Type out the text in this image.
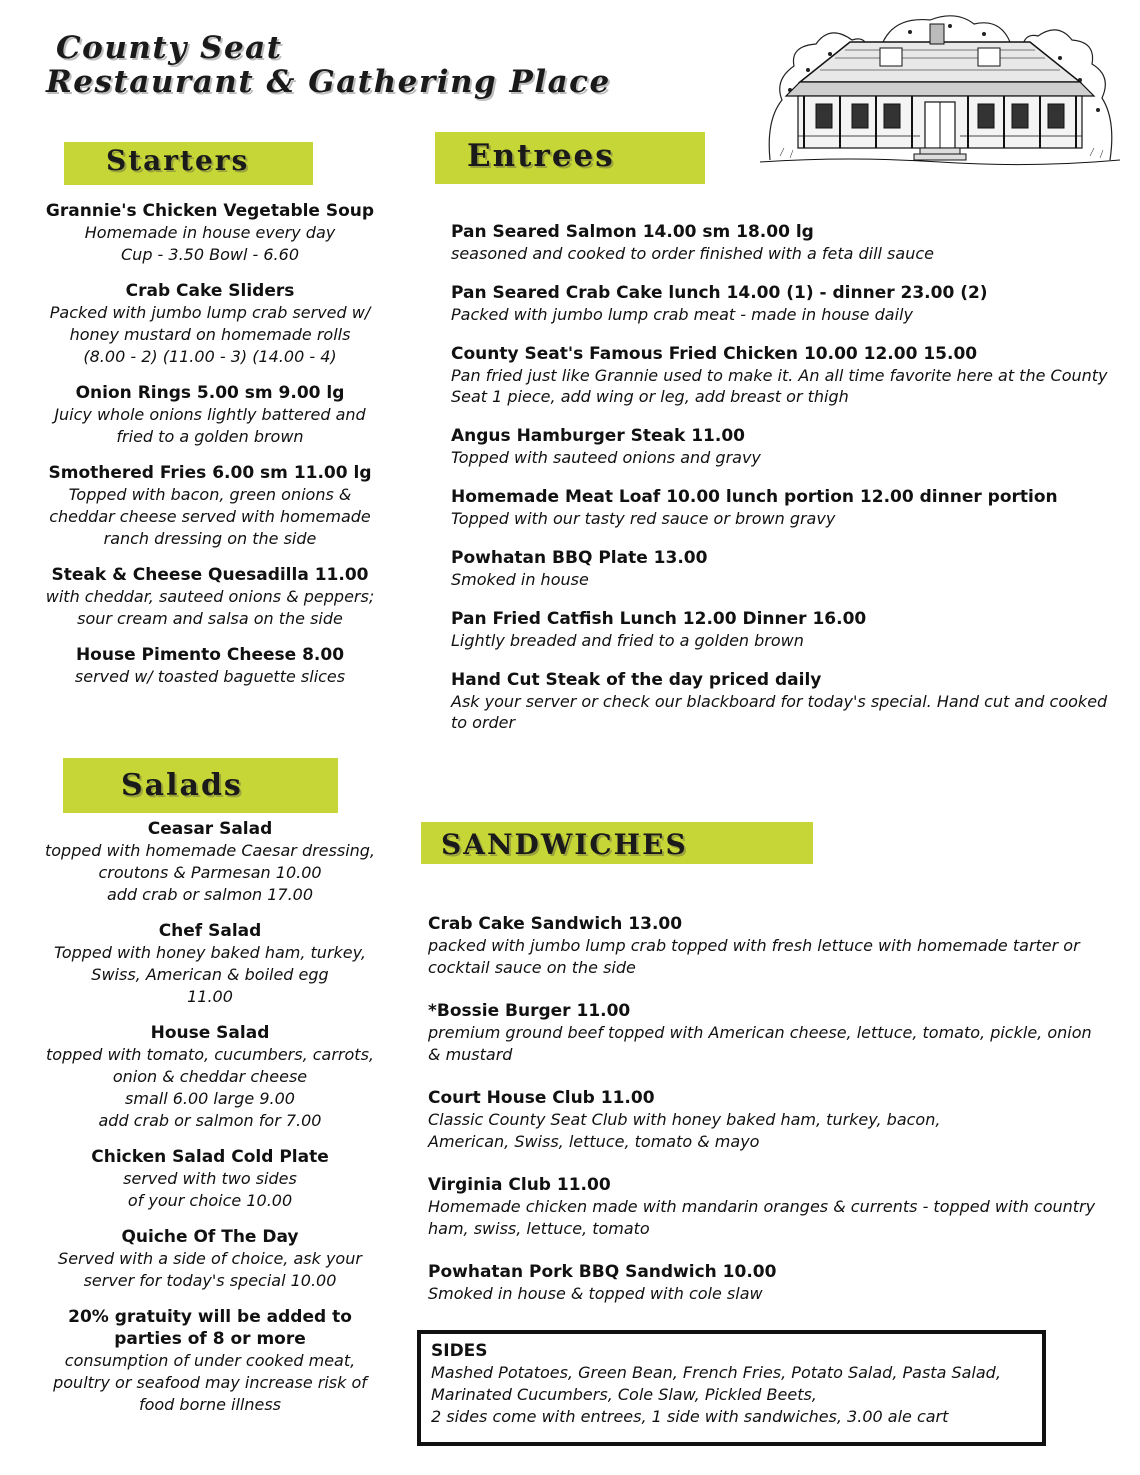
County Seat
Restaurant & Gathering Place
Starters	Entrees
Salads
SANDWICHES
Grannie's Chicken Vegetable Soup
Homemade in house every day
Cup - 3.50 Bowl - 6.60
Crab Cake Sliders
Packed with jumbo lump crab served w/ honey mustard on homemade rolls
(8.00 - 2) (11.00 - 3) (14.00 - 4)
Onion Rings 5.00 sm 9.00 lg
Juicy whole onions lightly battered and fried to a golden brown
Smothered Fries 6.00 sm 11.00 lg
Topped with bacon, green onions & cheddar cheese served with homemade ranch dressing on the side
Steak & Cheese Quesadilla 11.00
with cheddar, sauteed onions & peppers; sour cream and salsa on the side
House Pimento Cheese 8.00
served w/ toasted baguette slices
Ceasar Salad
topped with homemade Caesar dressing, croutons & Parmesan 10.00
add crab or salmon 17.00
Chef Salad
Topped with honey baked ham, turkey, Swiss, American & boiled egg
11.00
House Salad
topped with tomato, cucumbers, carrots, onion & cheddar cheese
small 6.00 large 9.00
add crab or salmon for 7.00
Chicken Salad Cold Plate
served with two sides
of your choice 10.00
Quiche Of The Day
Served with a side of choice, ask your server for today's special 10.00
20% gratuity will be added to parties of 8 or more
consumption of under cooked meat, poultry or seafood may increase risk of food borne illness
Pan Seared Salmon 14.00 sm 18.00 lg
seasoned and cooked to order finished with a feta dill sauce
Pan Seared Crab Cake lunch 14.00 (1) - dinner 23.00 (2)
Packed with jumbo lump crab meat - made in house daily
County Seat's Famous Fried Chicken 10.00 12.00 15.00
Pan fried just like Grannie used to make it. An all time favorite here at the County Seat 1 piece, add wing or leg, add breast or thigh
Angus Hamburger Steak 11.00
Topped with sauteed onions and gravy
Homemade Meat Loaf 10.00 lunch portion 12.00 dinner portion
Topped with our tasty red sauce or brown gravy
Powhatan BBQ Plate 13.00
Smoked in house
Pan Fried Catfish Lunch 12.00 Dinner 16.00
Lightly breaded and fried to a golden brown
Hand Cut Steak of the day priced daily
Ask your server or check our blackboard for today's special. Hand cut and cooked to order
Crab Cake Sandwich 13.00
packed with jumbo lump crab topped with fresh lettuce with homemade tarter or cocktail sauce on the side
*Bossie Burger 11.00
premium ground beef topped with American cheese, lettuce, tomato, pickle, onion & mustard
Court House Club 11.00
Classic County Seat Club with honey baked ham, turkey, bacon, American, Swiss, lettuce, tomato & mayo
Virginia Club 11.00
Homemade chicken made with mandarin oranges & currents - topped with country ham, swiss, lettuce, tomato
Powhatan Pork BBQ Sandwich 10.00
Smoked in house & topped with cole slaw
SIDES
Mashed Potatoes, Green Bean, French Fries, Potato Salad, Pasta Salad,
Marinated Cucumbers, Cole Slaw, Pickled Beets,
2 sides come with entrees, 1 side with sandwiches, 3.00 ale cart
